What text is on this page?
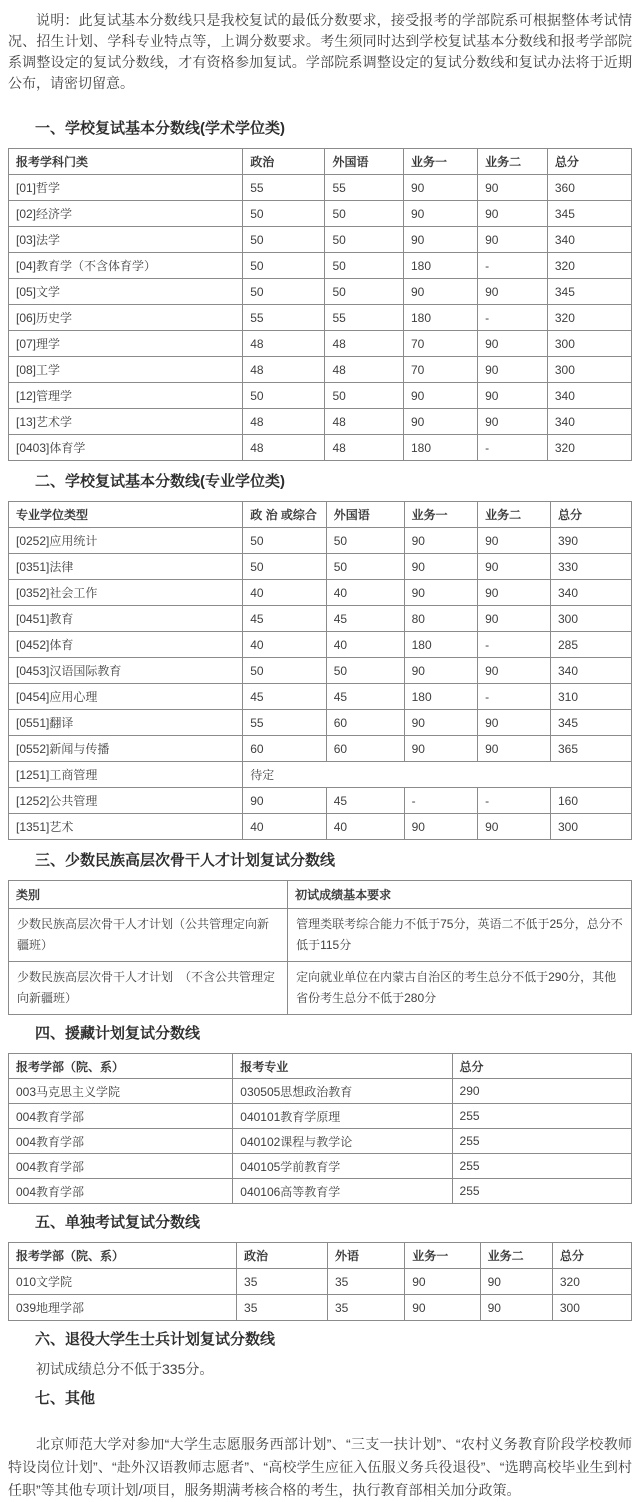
说明：此复试基本分数线只是我校复试的最低分数要求，接受报考的学部院系可根据整体考试情况、招生计划、学科专业特点等，上调分数要求。考生须同时达到学校复试基本分数线和报考学部院系调整设定的复试分数线，才有资格参加复试。学部院系调整设定的复试分数线和复试办法将于近期公布，请密切留意。

一、学校复试基本分数线(学术学位类)
报考学科门类	政治	外国语	业务一	业务二	总分
[01]哲学	55	55	90	90	360
[02]经济学	50	50	90	90	345
[03]法学	50	50	90	90	340
[04]教育学（不含体育学）	50	50	180	-	320
[05]文学	50	50	90	90	345
[06]历史学	55	55	180	-	320
[07]理学	48	48	70	90	300
[08]工学	48	48	70	90	300
[12]管理学	50	50	90	90	340
[13]艺术学	48	48	90	90	340
[0403]体育学	48	48	180	-	320
二、学校复试基本分数线(专业学位类)
专业学位类型	政 治 或综合	外国语	业务一	业务二	总分
[0252]应用统计	50	50	90	90	390
[0351]法律	50	50	90	90	330
[0352]社会工作	40	40	90	90	340
[0451]教育	45	45	80	90	300
[0452]体育	40	40	180	-	285
[0453]汉语国际教育	50	50	90	90	340
[0454]应用心理	45	45	180	-	310
[0551]翻译	55	60	90	90	345
[0552]新闻与传播	60	60	90	90	365
[1251]工商管理	待定				
[1252]公共管理	90	45	-	-	160
[1351]艺术	40	40	90	90	300
三、少数民族高层次骨干人才计划复试分数线
类别	初试成绩基本要求
少数民族高层次骨干人才计划（公共管理定向新疆班）	管理类联考综合能力不低于75分，英语二不低于25分，总分不低于115分
少数民族高层次骨干人才计划　（不含公共管理定向新疆班）	定向就业单位在内蒙古自治区的考生总分不低于290分，其他省份考生总分不低于280分
四、援藏计划复试分数线
报考学部（院、系）	报考专业	总分
003马克思主义学院	030505思想政治教育	290
004教育学部	040101教育学原理	255
004教育学部	040102课程与教学论	255
004教育学部	040105学前教育学	255
004教育学部	040106高等教育学	255
五、单独考试复试分数线
报考学部（院、系）	政治	外语	业务一	业务二	总分
010文学院	35	35	90	90	320
039地理学部	35	35	90	90	300
六、退役大学生士兵计划复试分数线

初试成绩总分不低于335分。

七、其他

北京师范大学对参加“大学生志愿服务西部计划”、“三支一扶计划”、“农村义务教育阶段学校教师特设岗位计划”、“赴外汉语教师志愿者”、“高校学生应征入伍服义务兵役退役”、“选聘高校毕业生到村任职”等其他专项计划/项目，服务期满考核合格的考生，执行教育部相关加分政策。
